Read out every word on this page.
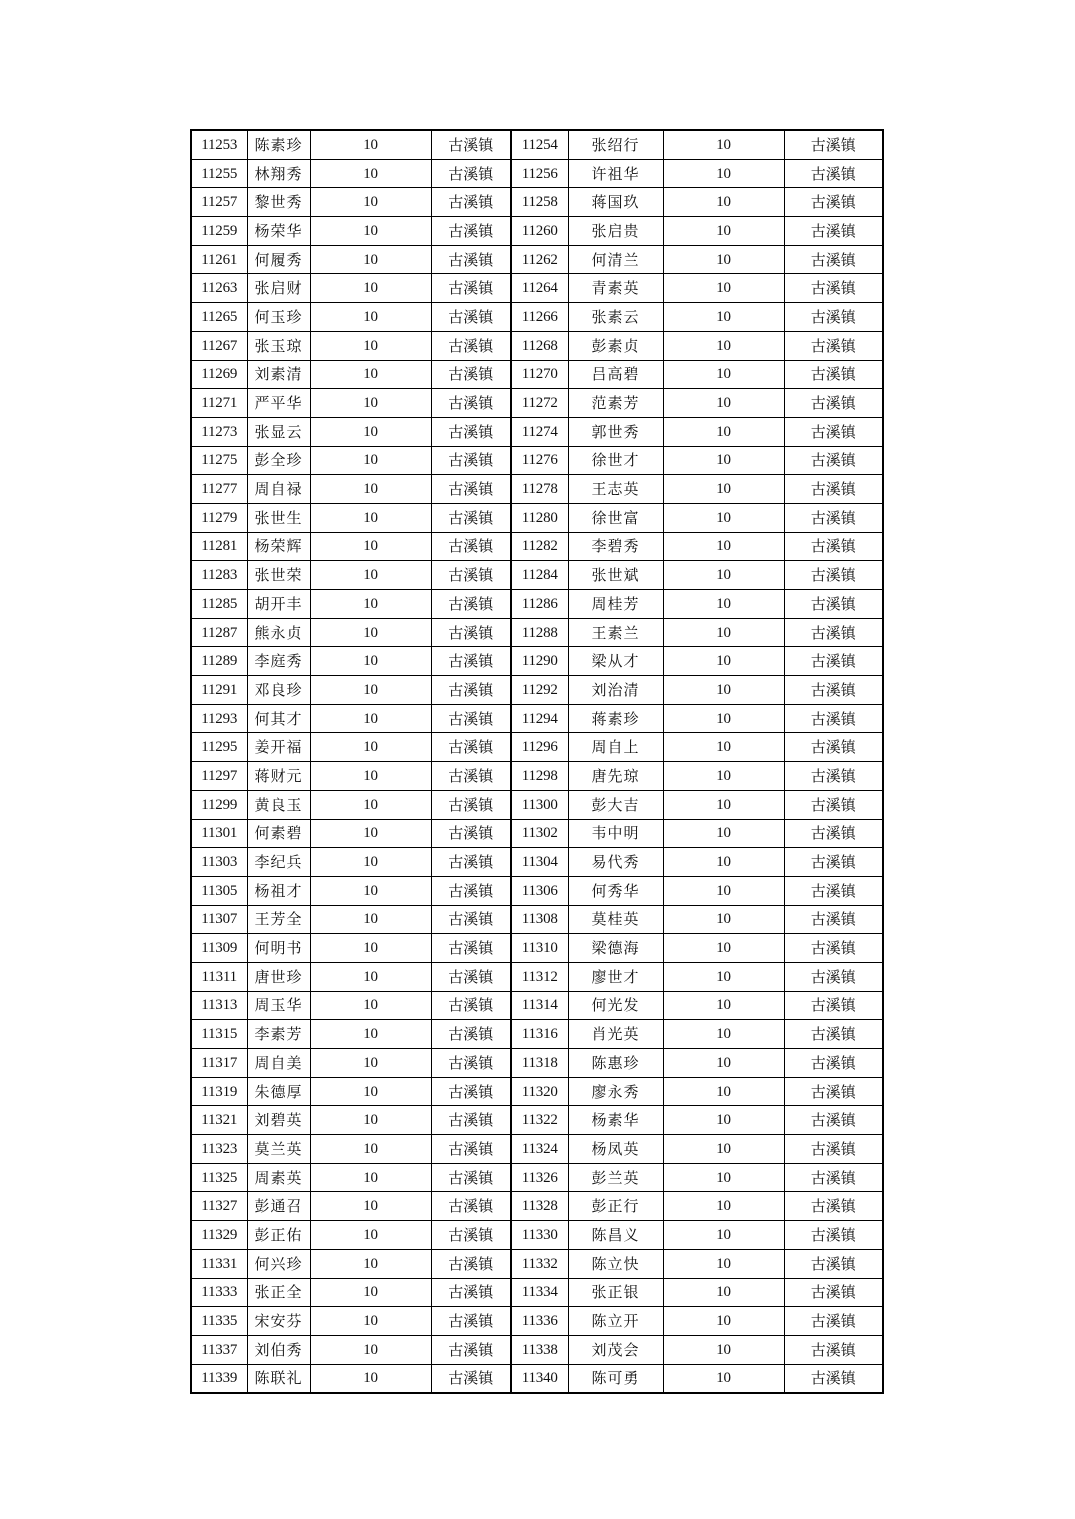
11253	陈素珍	10	古溪镇	11254	张绍行	10	古溪镇
11255	林翔秀	10	古溪镇	11256	许祖华	10	古溪镇
11257	黎世秀	10	古溪镇	11258	蒋国玖	10	古溪镇
11259	杨荣华	10	古溪镇	11260	张启贵	10	古溪镇
11261	何履秀	10	古溪镇	11262	何清兰	10	古溪镇
11263	张启财	10	古溪镇	11264	青素英	10	古溪镇
11265	何玉珍	10	古溪镇	11266	张素云	10	古溪镇
11267	张玉琼	10	古溪镇	11268	彭素贞	10	古溪镇
11269	刘素清	10	古溪镇	11270	吕高碧	10	古溪镇
11271	严平华	10	古溪镇	11272	范素芳	10	古溪镇
11273	张显云	10	古溪镇	11274	郭世秀	10	古溪镇
11275	彭全珍	10	古溪镇	11276	徐世才	10	古溪镇
11277	周自禄	10	古溪镇	11278	王志英	10	古溪镇
11279	张世生	10	古溪镇	11280	徐世富	10	古溪镇
11281	杨荣辉	10	古溪镇	11282	李碧秀	10	古溪镇
11283	张世荣	10	古溪镇	11284	张世斌	10	古溪镇
11285	胡开丰	10	古溪镇	11286	周桂芳	10	古溪镇
11287	熊永贞	10	古溪镇	11288	王素兰	10	古溪镇
11289	李庭秀	10	古溪镇	11290	梁从才	10	古溪镇
11291	邓良珍	10	古溪镇	11292	刘治清	10	古溪镇
11293	何其才	10	古溪镇	11294	蒋素珍	10	古溪镇
11295	姜开福	10	古溪镇	11296	周自上	10	古溪镇
11297	蒋财元	10	古溪镇	11298	唐先琼	10	古溪镇
11299	黄良玉	10	古溪镇	11300	彭大吉	10	古溪镇
11301	何素碧	10	古溪镇	11302	韦中明	10	古溪镇
11303	李纪兵	10	古溪镇	11304	易代秀	10	古溪镇
11305	杨祖才	10	古溪镇	11306	何秀华	10	古溪镇
11307	王芳全	10	古溪镇	11308	莫桂英	10	古溪镇
11309	何明书	10	古溪镇	11310	梁德海	10	古溪镇
11311	唐世珍	10	古溪镇	11312	廖世才	10	古溪镇
11313	周玉华	10	古溪镇	11314	何光发	10	古溪镇
11315	李素芳	10	古溪镇	11316	肖光英	10	古溪镇
11317	周自美	10	古溪镇	11318	陈惠珍	10	古溪镇
11319	朱德厚	10	古溪镇	11320	廖永秀	10	古溪镇
11321	刘碧英	10	古溪镇	11322	杨素华	10	古溪镇
11323	莫兰英	10	古溪镇	11324	杨凤英	10	古溪镇
11325	周素英	10	古溪镇	11326	彭兰英	10	古溪镇
11327	彭通召	10	古溪镇	11328	彭正行	10	古溪镇
11329	彭正佑	10	古溪镇	11330	陈昌义	10	古溪镇
11331	何兴珍	10	古溪镇	11332	陈立快	10	古溪镇
11333	张正全	10	古溪镇	11334	张正银	10	古溪镇
11335	宋安芬	10	古溪镇	11336	陈立开	10	古溪镇
11337	刘伯秀	10	古溪镇	11338	刘茂会	10	古溪镇
11339	陈联礼	10	古溪镇	11340	陈可勇	10	古溪镇
